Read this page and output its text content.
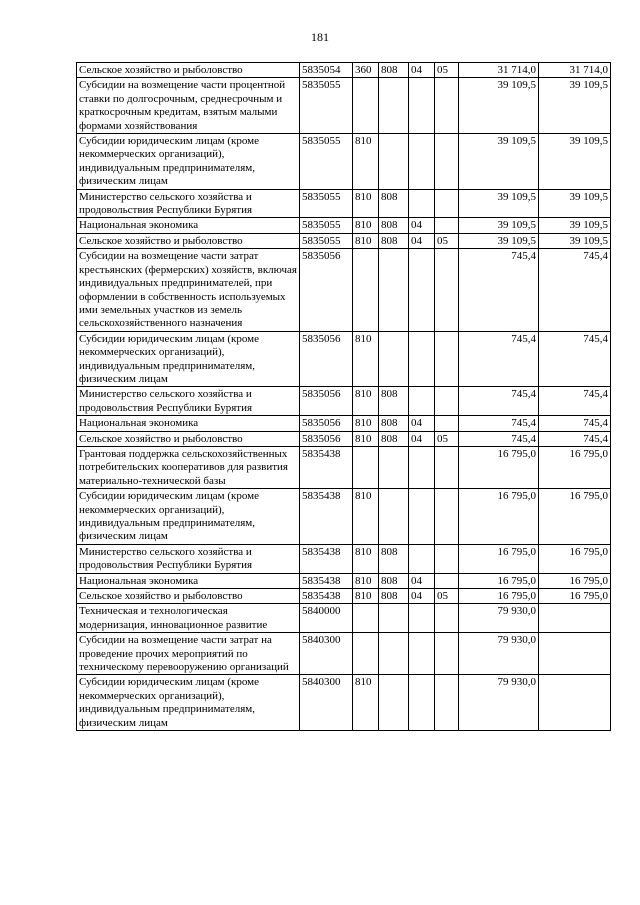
181
Сельское хозяйство и рыболовство	5835054	360	808	04	05	31 714,0	31 714,0
Субсидии на возмещение части процентной ставки по долгосрочным, среднесрочным и краткосрочным кредитам, взятым малыми формами хозяйствования	5835055					39 109,5	39 109,5
Субсидии юридическим лицам (кроме некоммерческих организаций), индивидуальным предпринимателям, физическим лицам	5835055	810				39 109,5	39 109,5
Министерство сельского хозяйства и продовольствия Республики Бурятия	5835055	810	808			39 109,5	39 109,5
Национальная экономика	5835055	810	808	04		39 109,5	39 109,5
Сельское хозяйство и рыболовство	5835055	810	808	04	05	39 109,5	39 109,5
Субсидии на возмещение части затрат крестьянских (фермерских) хозяйств, включая индивидуальных предпринимателей, при оформлении в собственность используемых ими земельных участков из земель сельскохозяйственного назначения	5835056					745,4	745,4
Субсидии юридическим лицам (кроме некоммерческих организаций), индивидуальным предпринимателям, физическим лицам	5835056	810				745,4	745,4
Министерство сельского хозяйства и продовольствия Республики Бурятия	5835056	810	808			745,4	745,4
Национальная экономика	5835056	810	808	04		745,4	745,4
Сельское хозяйство и рыболовство	5835056	810	808	04	05	745,4	745,4
Грантовая поддержка сельскохозяйственных потребительских кооперативов для развития материально-технической базы	5835438					16 795,0	16 795,0
Субсидии юридическим лицам (кроме некоммерческих организаций), индивидуальным предпринимателям, физическим лицам	5835438	810				16 795,0	16 795,0
Министерство сельского хозяйства и продовольствия Республики Бурятия	5835438	810	808			16 795,0	16 795,0
Национальная экономика	5835438	810	808	04		16 795,0	16 795,0
Сельское хозяйство и рыболовство	5835438	810	808	04	05	16 795,0	16 795,0
Техническая и технологическая модернизация, инновационное развитие	5840000					79 930,0	
Субсидии на возмещение части затрат на проведение прочих мероприятий по техническому перевооружению организаций	5840300					79 930,0	
Субсидии юридическим лицам (кроме некоммерческих организаций), индивидуальным предпринимателям, физическим лицам	5840300	810				79 930,0	
